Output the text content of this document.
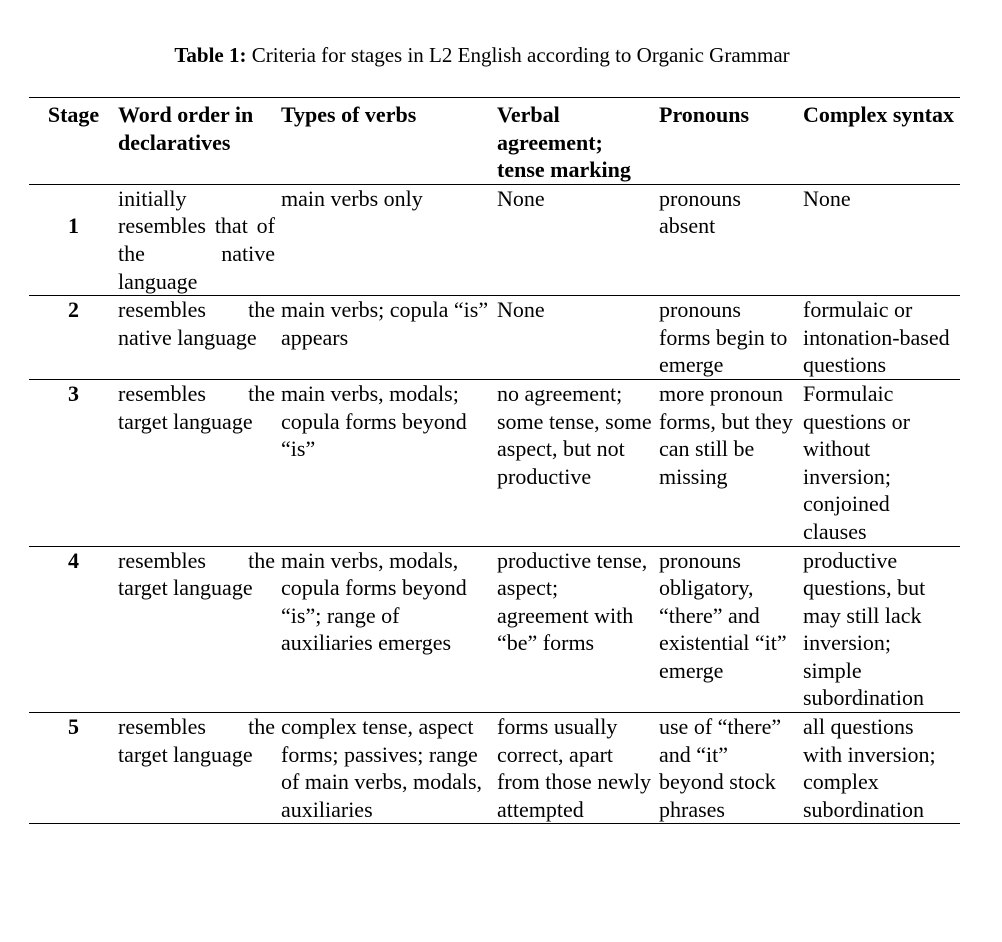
Table 1: Criteria for stages in L2 English according to Organic Grammar
Stage	Word order in declaratives	Types of verbs	Verbal agreement; tense marking	Pronouns	Complex syntax

1	initially resembles that of the native language	main verbs only	None	pronouns absent	None

2	resembles the native language	main verbs; copula “is” appears	None	pronouns forms begin to emerge	formulaic or intonation-based questions

3	resembles the target language	main verbs, modals; copula forms beyond “is”	no agreement; some tense, some aspect, but not productive	more pronoun forms, but they can still be missing	Formulaic questions or without inversion; conjoined clauses

4	resembles the target language	main verbs, modals, copula forms beyond “is”; range of auxiliaries emerges	productive tense, aspect; agreement with “be” forms	pronouns obligatory, “there” and existential “it” emerge	productive questions, but may still lack inversion; simple subordination

5	resembles the target language	complex tense, aspect forms; passives; range of main verbs, modals, auxiliaries	forms usually correct, apart from those newly attempted	use of “there” and “it” beyond stock phrases	all questions with inversion; complex subordination
